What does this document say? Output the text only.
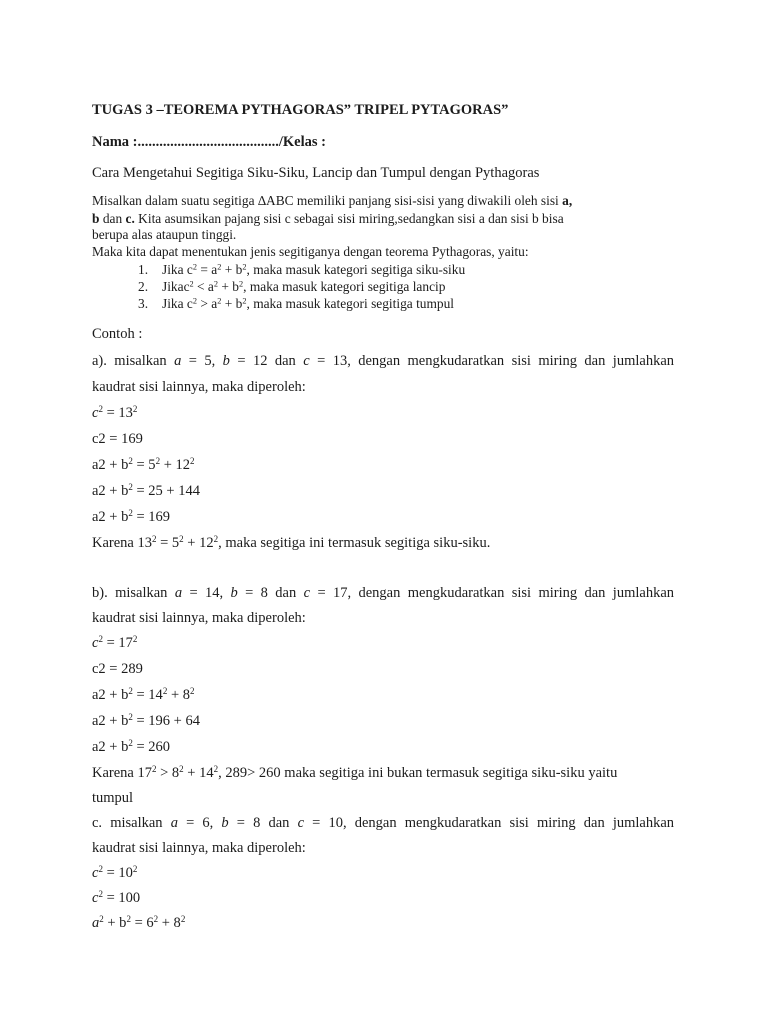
TUGAS 3 –TEOREMA PYTHAGORAS” TRIPEL PYTAGORAS”
Nama :......................................./Kelas :
Cara Mengetahui Segitiga Siku-Siku, Lancip dan Tumpul dengan Pythagoras
Misalkan dalam suatu segitiga ∆ABC memiliki panjang sisi-sisi yang diwakili oleh sisi a,
b dan c. Kita asumsikan pajang sisi c sebagai sisi miring,sedangkan sisi a dan sisi b bisa
berupa alas ataupun tinggi.
Maka kita dapat menentukan jenis segitiganya dengan teorema Pythagoras, yaitu:
1. Jika $c^2 = a^2 + b^2$, maka masuk kategori segitiga siku-siku
2. Jikac$^2$ < $a^2 + b^2$, maka masuk kategori segitiga lancip
3. Jika $c^2 > a^2 + b^2$, maka masuk kategori segitiga tumpul
Contoh :
a). misalkan a = 5, b = 12 dan c = 13, dengan mengkudaratkan sisi miring dan jumlahkan
kaudrat sisi lainnya, maka diperoleh:
$c^2 = 13^2$
c2 = 169
$a2 + b^2 = 5^2 + 12^2$
$a2 + b^2 = 25 + 144$
$a2 + b^2 = 169$
Karena $13^2 = 5^2 + 12^2$, maka segitiga ini termasuk segitiga siku-siku.
b). misalkan a = 14, b = 8 dan c = 17, dengan mengkudaratkan sisi miring dan jumlahkan
kaudrat sisi lainnya, maka diperoleh:
$c^2 = 17^2$
c2 = 289
$a2 + b^2 = 14^2 + 8^2$
$a2 + b^2 = 196 + 64$
$a2 + b^2 = 260$
Karena $17^2 > 8^2 + 14^2$, 289> 260 maka segitiga ini bukan termasuk segitiga siku-siku yaitu
tumpul
c. misalkan a = 6, b = 8 dan c = 10, dengan mengkudaratkan sisi miring dan jumlahkan
kaudrat sisi lainnya, maka diperoleh:
$c^2 = 10^2$
$c^2 = 100$
$a^2 + b^2 = 6^2 + 8^2$
